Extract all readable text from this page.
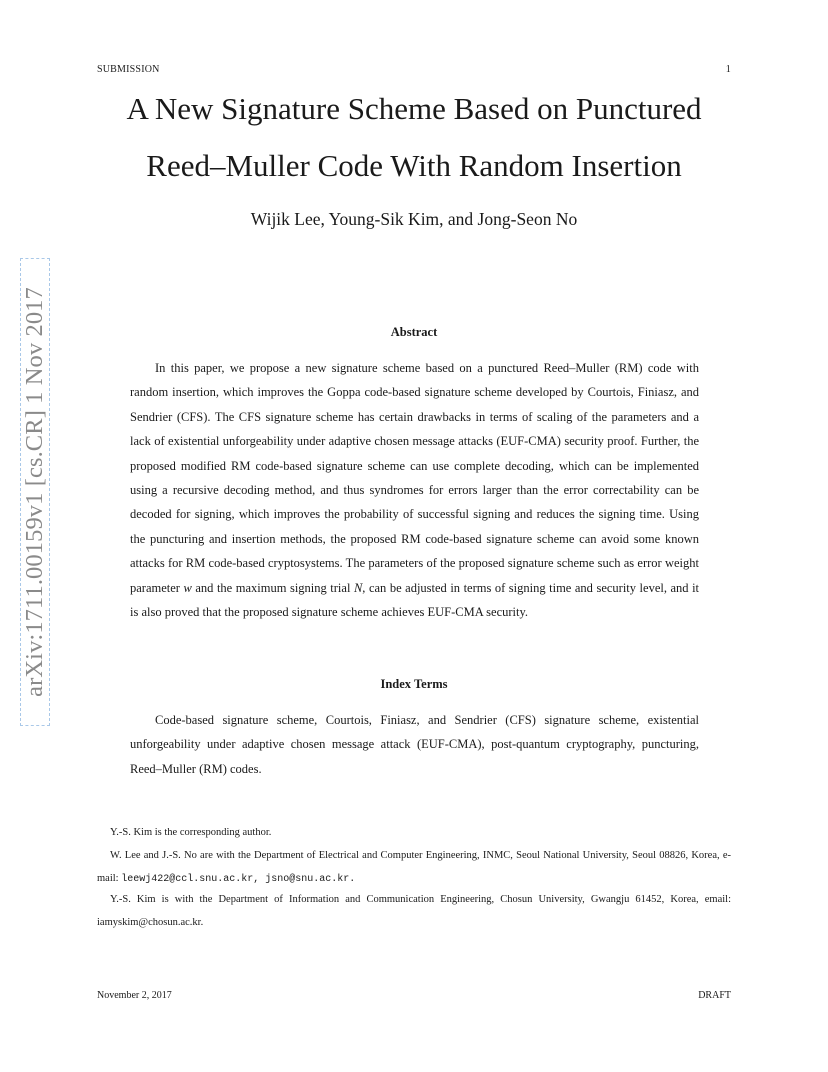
SUBMISSION	1
A New Signature Scheme Based on Punctured
Reed–Muller Code With Random Insertion
Wijik Lee, Young-Sik Kim, and Jong-Seon No
arXiv:1711.00159v1 [cs.CR] 1 Nov 2017	Abstract

In this paper, we propose a new signature scheme based on a punctured Reed–Muller (RM) code with random insertion, which improves the Goppa code-based signature scheme developed by Courtois, Finiasz, and Sendrier (CFS). The CFS signature scheme has certain drawbacks in terms of scaling of the parameters and a lack of existential unforgeability under adaptive chosen message attacks (EUF-CMA) security proof. Further, the proposed modified RM code-based signature scheme can use complete decoding, which can be implemented using a recursive decoding method, and thus syndromes for errors larger than the error correctability can be decoded for signing, which improves the probability of successful signing and reduces the signing time. Using the puncturing and insertion methods, the proposed RM code-based signature scheme can avoid some known attacks for RM code-based cryptosystems. The parameters of the proposed signature scheme such as error weight parameter w and the maximum signing trial N, can be adjusted in terms of signing time and security level, and it is also proved that the proposed signature scheme achieves EUF-CMA security.

Index Terms

Code-based signature scheme, Courtois, Finiasz, and Sendrier (CFS) signature scheme, existential unforgeability under adaptive chosen message attack (EUF-CMA), post-quantum cryptography, puncturing, Reed–Muller (RM) codes.

Y.-S. Kim is the corresponding author.

W. Lee and J.-S. No are with the Department of Electrical and Computer Engineering, INMC, Seoul National University, Seoul 08826, Korea, e-mail: leewj422@ccl.snu.ac.kr, jsno@snu.ac.kr.

Y.-S. Kim is with the Department of Information and Communication Engineering, Chosun University, Gwangju 61452, Korea, email: iamyskim@chosun.ac.kr.

November 2, 2017	DRAFT
